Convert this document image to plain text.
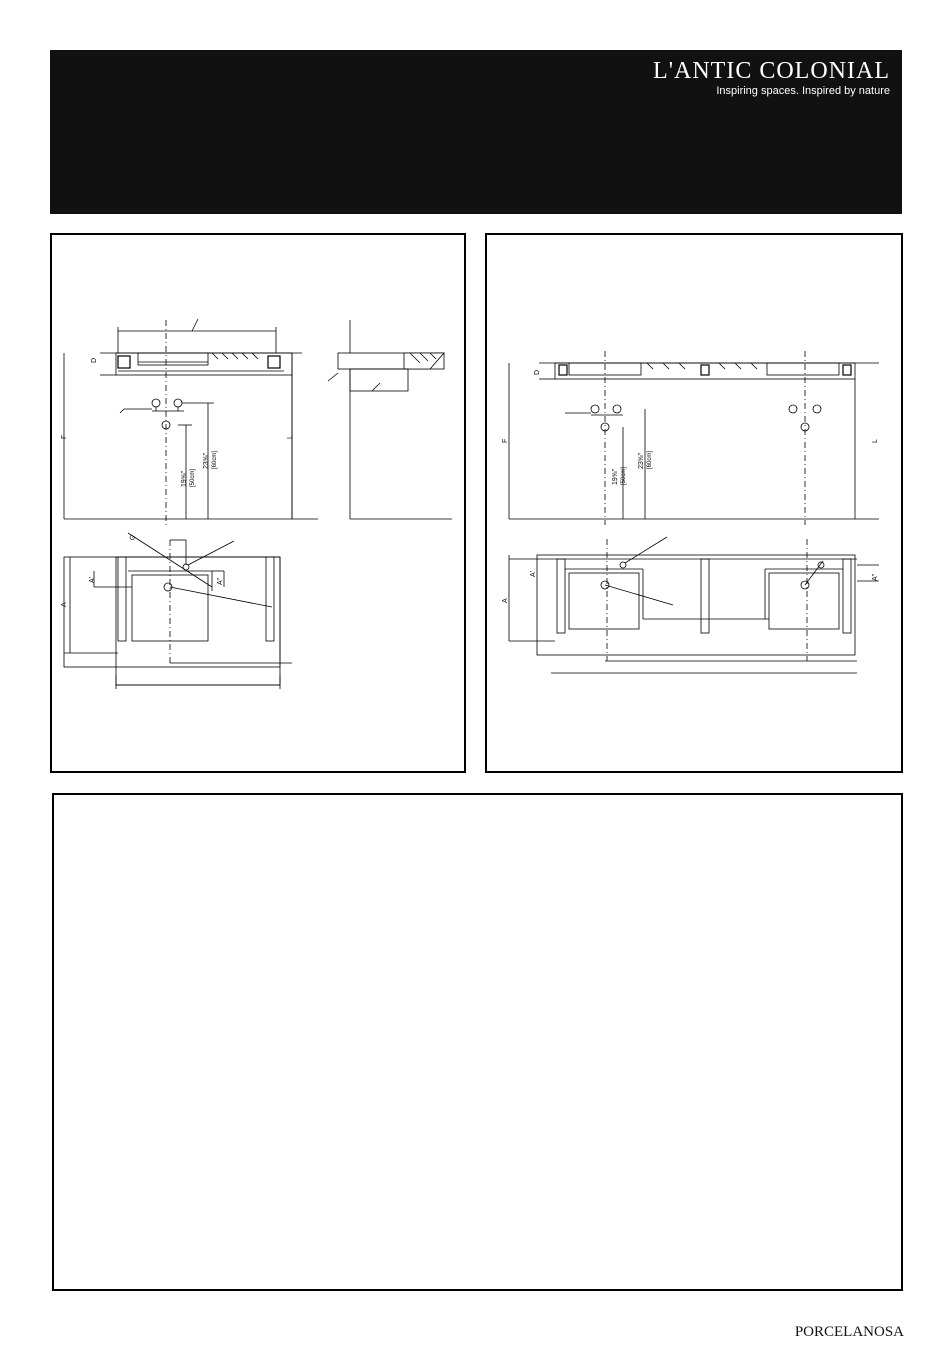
L'ANTIC COLONIAL
Inspiring spaces. Inspired by nature
D
F	L
A
A'	A"
G
19⅝" [50cm]
23⅝" [60cm]
D
F	L
A
A'	A"
19⅝" [50cm]
23⅝" [60cm]
PORCELANOSA
